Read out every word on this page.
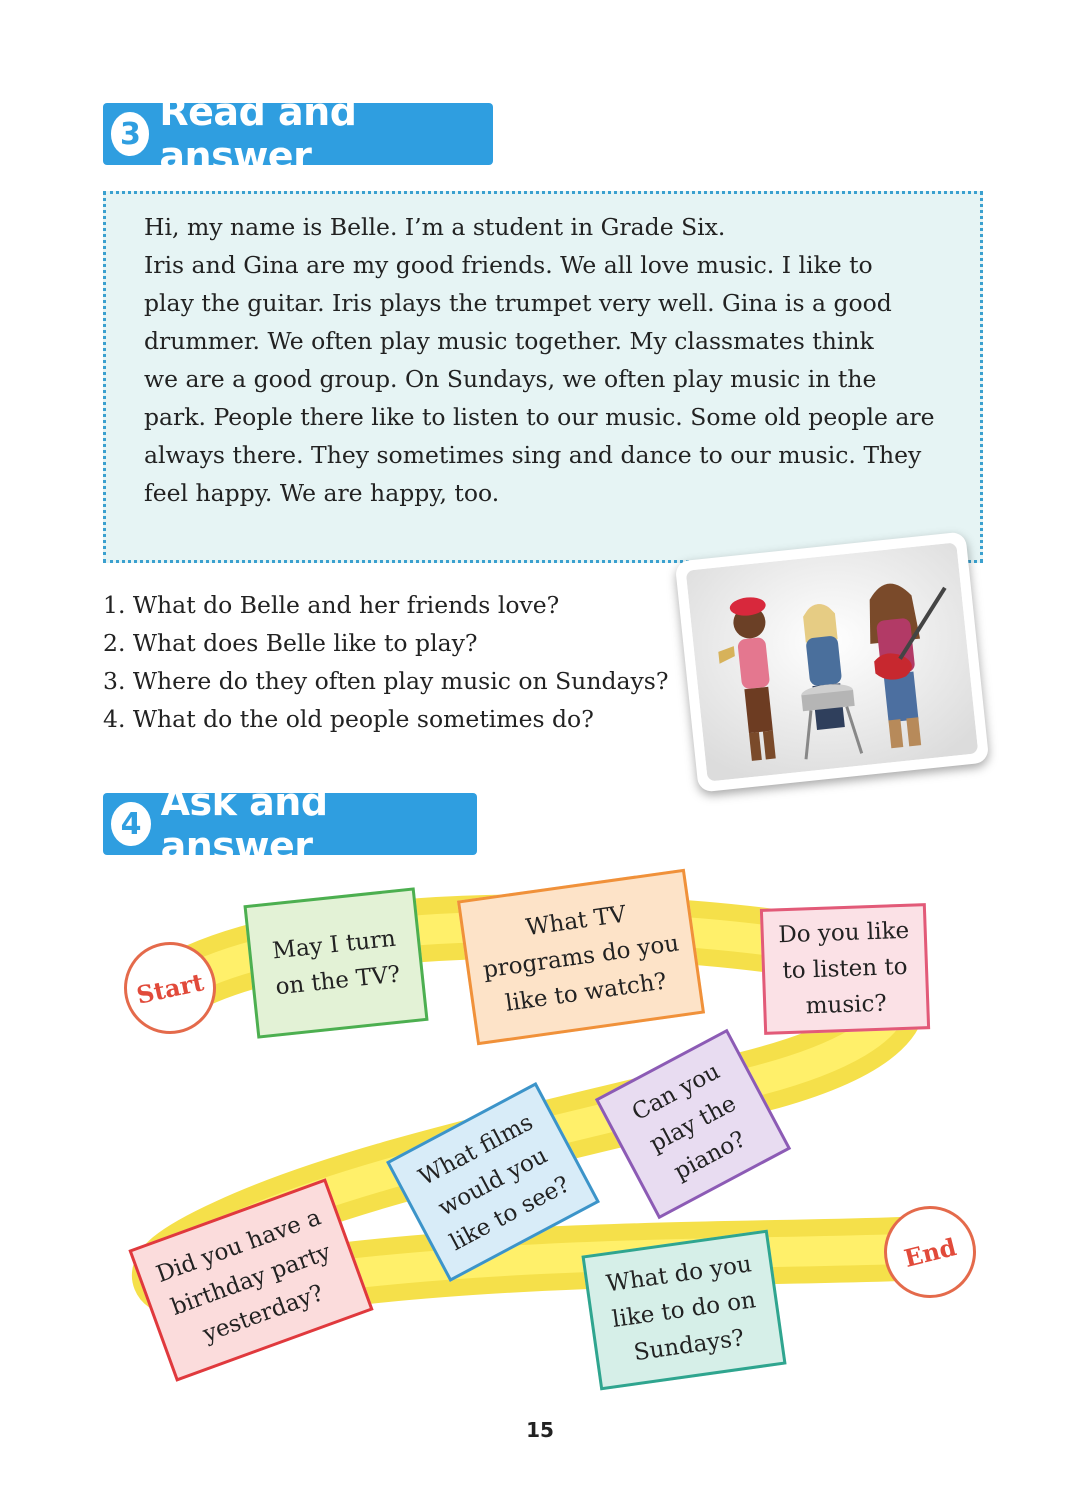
3 Read and answer

Hi, my name is Belle. I’m a student in Grade Six.
Iris and Gina are my good friends. We all love music. I like to
play the guitar. Iris plays the trumpet very well. Gina is a good
drummer. We often play music together. My classmates think
we are a good group. On Sundays, we often play music in the
park. People there like to listen to our music. Some old people are
always there. They sometimes sing and dance to our music. They
feel happy. We are happy, too.

1. What do Belle and her friends love?
2. What does Belle like to play?
3. Where do they often play music on Sundays?
4. What do the old people sometimes do?
4 Ask and answer
Start
May I turn
on the TV?
What TV
programs do you
like to watch?
Do you like
to listen to
music?
Can you
play the
piano?
What films
would you
like to see?
Did you have a
birthday party
yesterday?
What do you
like to do on
Sundays?
End
15
